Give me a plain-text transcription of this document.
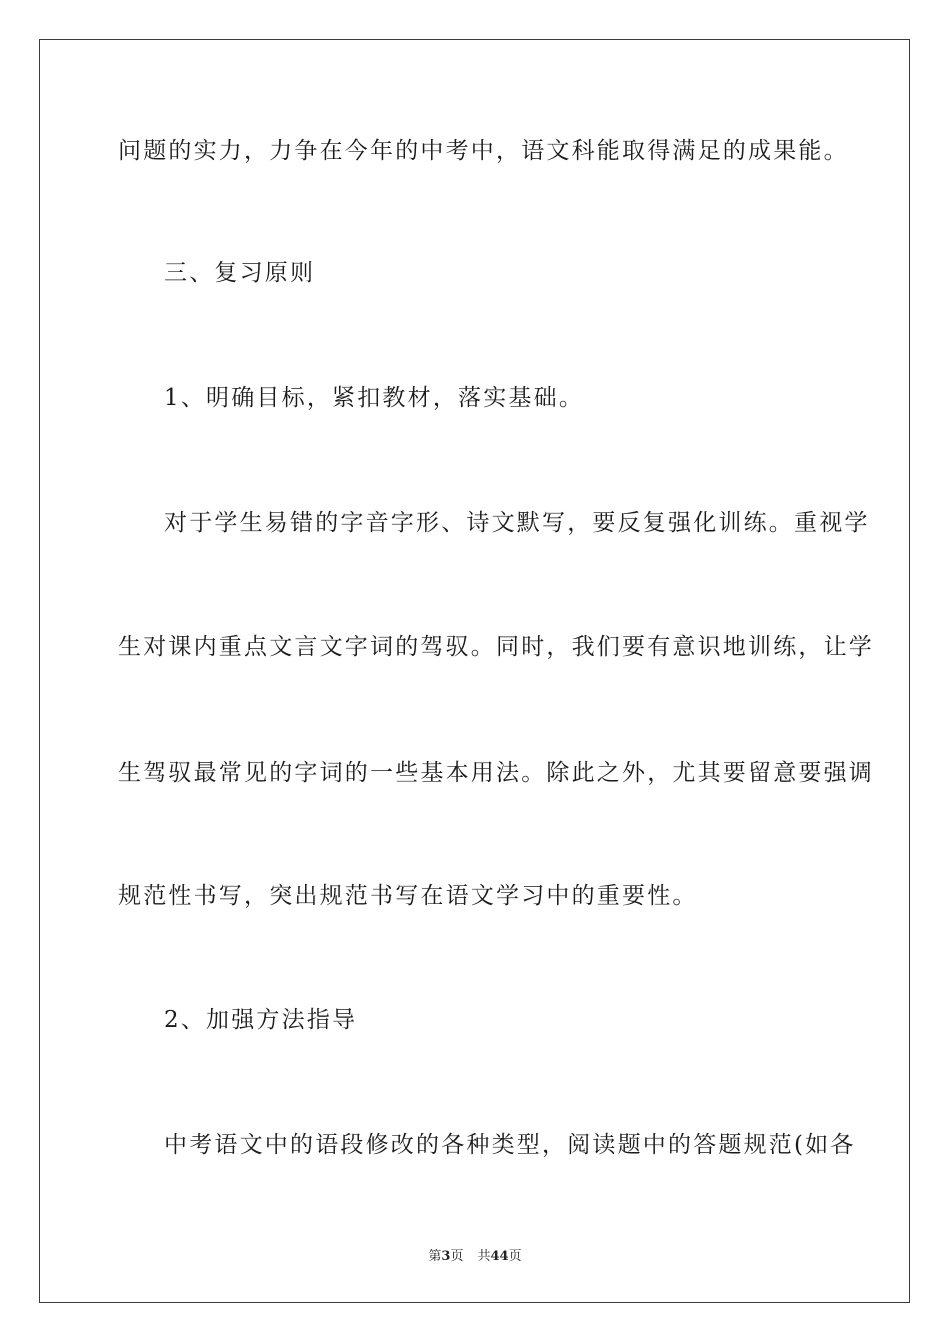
问题的实力，力争在今年的中考中，语文科能取得满足的成果能。
三、复习原则
1、明确目标，紧扣教材，落实基础。
对于学生易错的字音字形、诗文默写，要反复强化训练。重视学
生对课内重点文言文字词的驾驭。同时，我们要有意识地训练，让学
生驾驭最常见的字词的一些基本用法。除此之外，尤其要留意要强调
规范性书写，突出规范书写在语文学习中的重要性。
2、加强方法指导
中考语文中的语段修改的各种类型，阅读题中的答题规范(如各
第3页 共44页
